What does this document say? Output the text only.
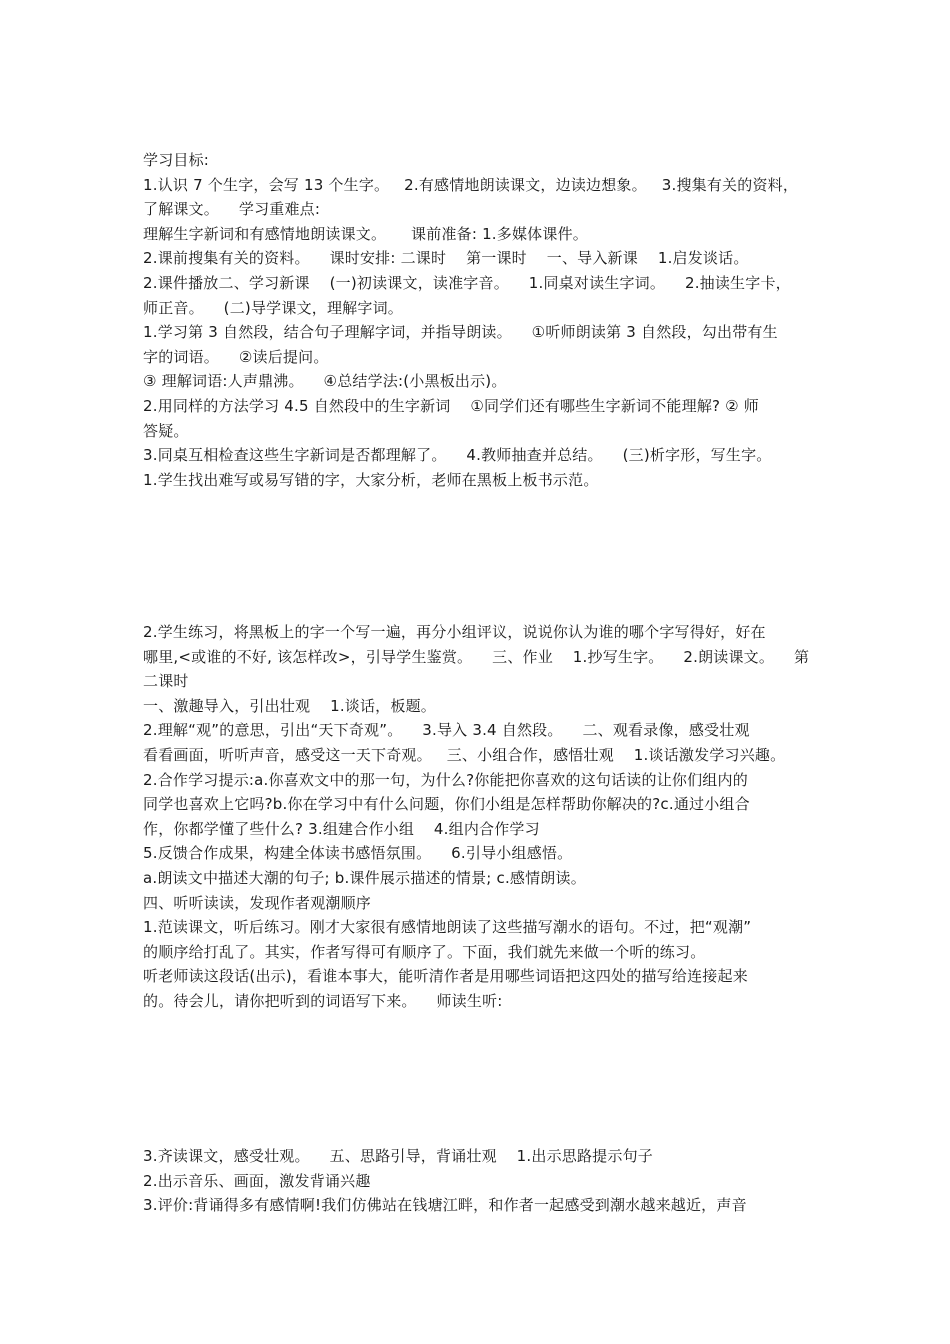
学习目标:
1.认识 7 个生字，会写 13 个生字。   2.有感情地朗读课文，边读边想象。   3.搜集有关的资料，
了解课文。    学习重难点:
理解生字新词和有感情地朗读课文。     课前准备: 1.多媒体课件。
2.课前搜集有关的资料。    课时安排: 二课时    第一课时    一、导入新课    1.启发谈话。
2.课件播放二、学习新课    (一)初读课文，读准字音。    1.同桌对读生字词。    2.抽读生字卡，
师正音。    (二)导学课文，理解字词。
1.学习第 3 自然段，结合句子理解字词，并指导朗读。    ①听师朗读第 3 自然段，勾出带有生
字的词语。    ②读后提问。
③ 理解词语:人声鼎沸。    ④总结学法:(小黑板出示)。
2.用同样的方法学习 4.5 自然段中的生字新词    ①同学们还有哪些生字新词不能理解? ② 师
答疑。
3.同桌互相检查这些生字新词是否都理解了。    4.教师抽查并总结。    (三)析字形，写生字。
1.学生找出难写或易写错的字，大家分析，老师在黑板上板书示范。
2.学生练习，将黑板上的字一个写一遍，再分小组评议，说说你认为谁的哪个字写得好，好在
哪里,<或谁的不好, 该怎样改>，引导学生鉴赏。    三、作业    1.抄写生字。    2.朗读课文。    第
二课时
一、激趣导入，引出壮观    1.谈话，板题。
2.理解“观”的意思，引出“天下奇观”。    3.导入 3.4 自然段。    二、观看录像，感受壮观
看看画面，听听声音，感受这一天下奇观。   三、小组合作，感悟壮观    1.谈话激发学习兴趣。
2.合作学习提示:a.你喜欢文中的那一句，为什么?你能把你喜欢的这句话读的让你们组内的
同学也喜欢上它吗?b.你在学习中有什么问题，你们小组是怎样帮助你解决的?c.通过小组合
作，你都学懂了些什么? 3.组建合作小组    4.组内合作学习
5.反馈合作成果，构建全体读书感悟氛围。    6.引导小组感悟。
a.朗读文中描述大潮的句子; b.课件展示描述的情景; c.感情朗读。
四、听听读读，发现作者观潮顺序
1.范读课文，听后练习。刚才大家很有感情地朗读了这些描写潮水的语句。不过，把“观潮”
的顺序给打乱了。其实，作者写得可有顺序了。下面，我们就先来做一个听的练习。
听老师读这段话(出示)，看谁本事大，能听清作者是用哪些词语把这四处的描写给连接起来
的。待会儿，请你把听到的词语写下来。    师读生听:
3.齐读课文，感受壮观。    五、思路引导，背诵壮观    1.出示思路提示句子
2.出示音乐、画面，激发背诵兴趣
3.评价:背诵得多有感情啊!我们仿佛站在钱塘江畔，和作者一起感受到潮水越来越近，声音
